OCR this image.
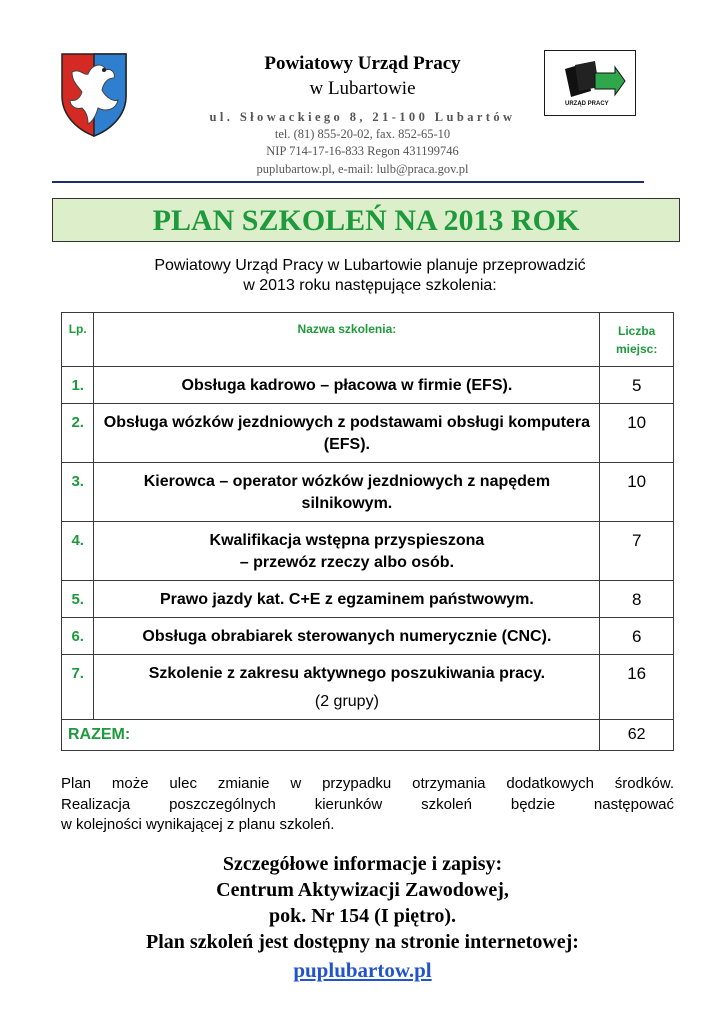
URZĄD PRACY
Powiatowy Urząd Pracy
w Lubartowie
ul. Słowackiego 8, 21-100 Lubartów
tel. (81) 855-20-02, fax. 852-65-10
NIP 714-17-16-833 Regon 431199746
puplubartow.pl, e-mail: lulb@praca.gov.pl
PLAN SZKOLEŃ NA 2013 ROK
Powiatowy Urząd Pracy w Lubartowie planuje przeprowadzić
w 2013 roku następujące szkolenia:
Lp.	Nazwa szkolenia:	Liczba
miejsc:
1.	Obsługa kadrowo – płacowa w firmie (EFS).	5
2.	Obsługa wózków jezdniowych z podstawami obsługi komputera (EFS).	10
3.	Kierowca – operator wózków jezdniowych z napędem silnikowym.	10
4.	Kwalifikacja wstępna przyspieszona
– przewóz rzeczy albo osób.	7
5.	Prawo jazdy kat. C+E z egzaminem państwowym.	8
6.	Obsługa obrabiarek sterowanych numerycznie (CNC).	6
7.	Szkolenie z zakresu aktywnego poszukiwania pracy.
(2 grupy)	16
RAZEM:		62
Plan może ulec zmianie w przypadku otrzymania dodatkowych środków.
Realizacja poszczególnych kierunków szkoleń będzie następować
w kolejności wynikającej z planu szkoleń.
Szczegółowe informacje i zapisy:
Centrum Aktywizacji Zawodowej,
pok. Nr 154 (I piętro).
Plan szkoleń jest dostępny na stronie internetowej:
puplubartow.pl
